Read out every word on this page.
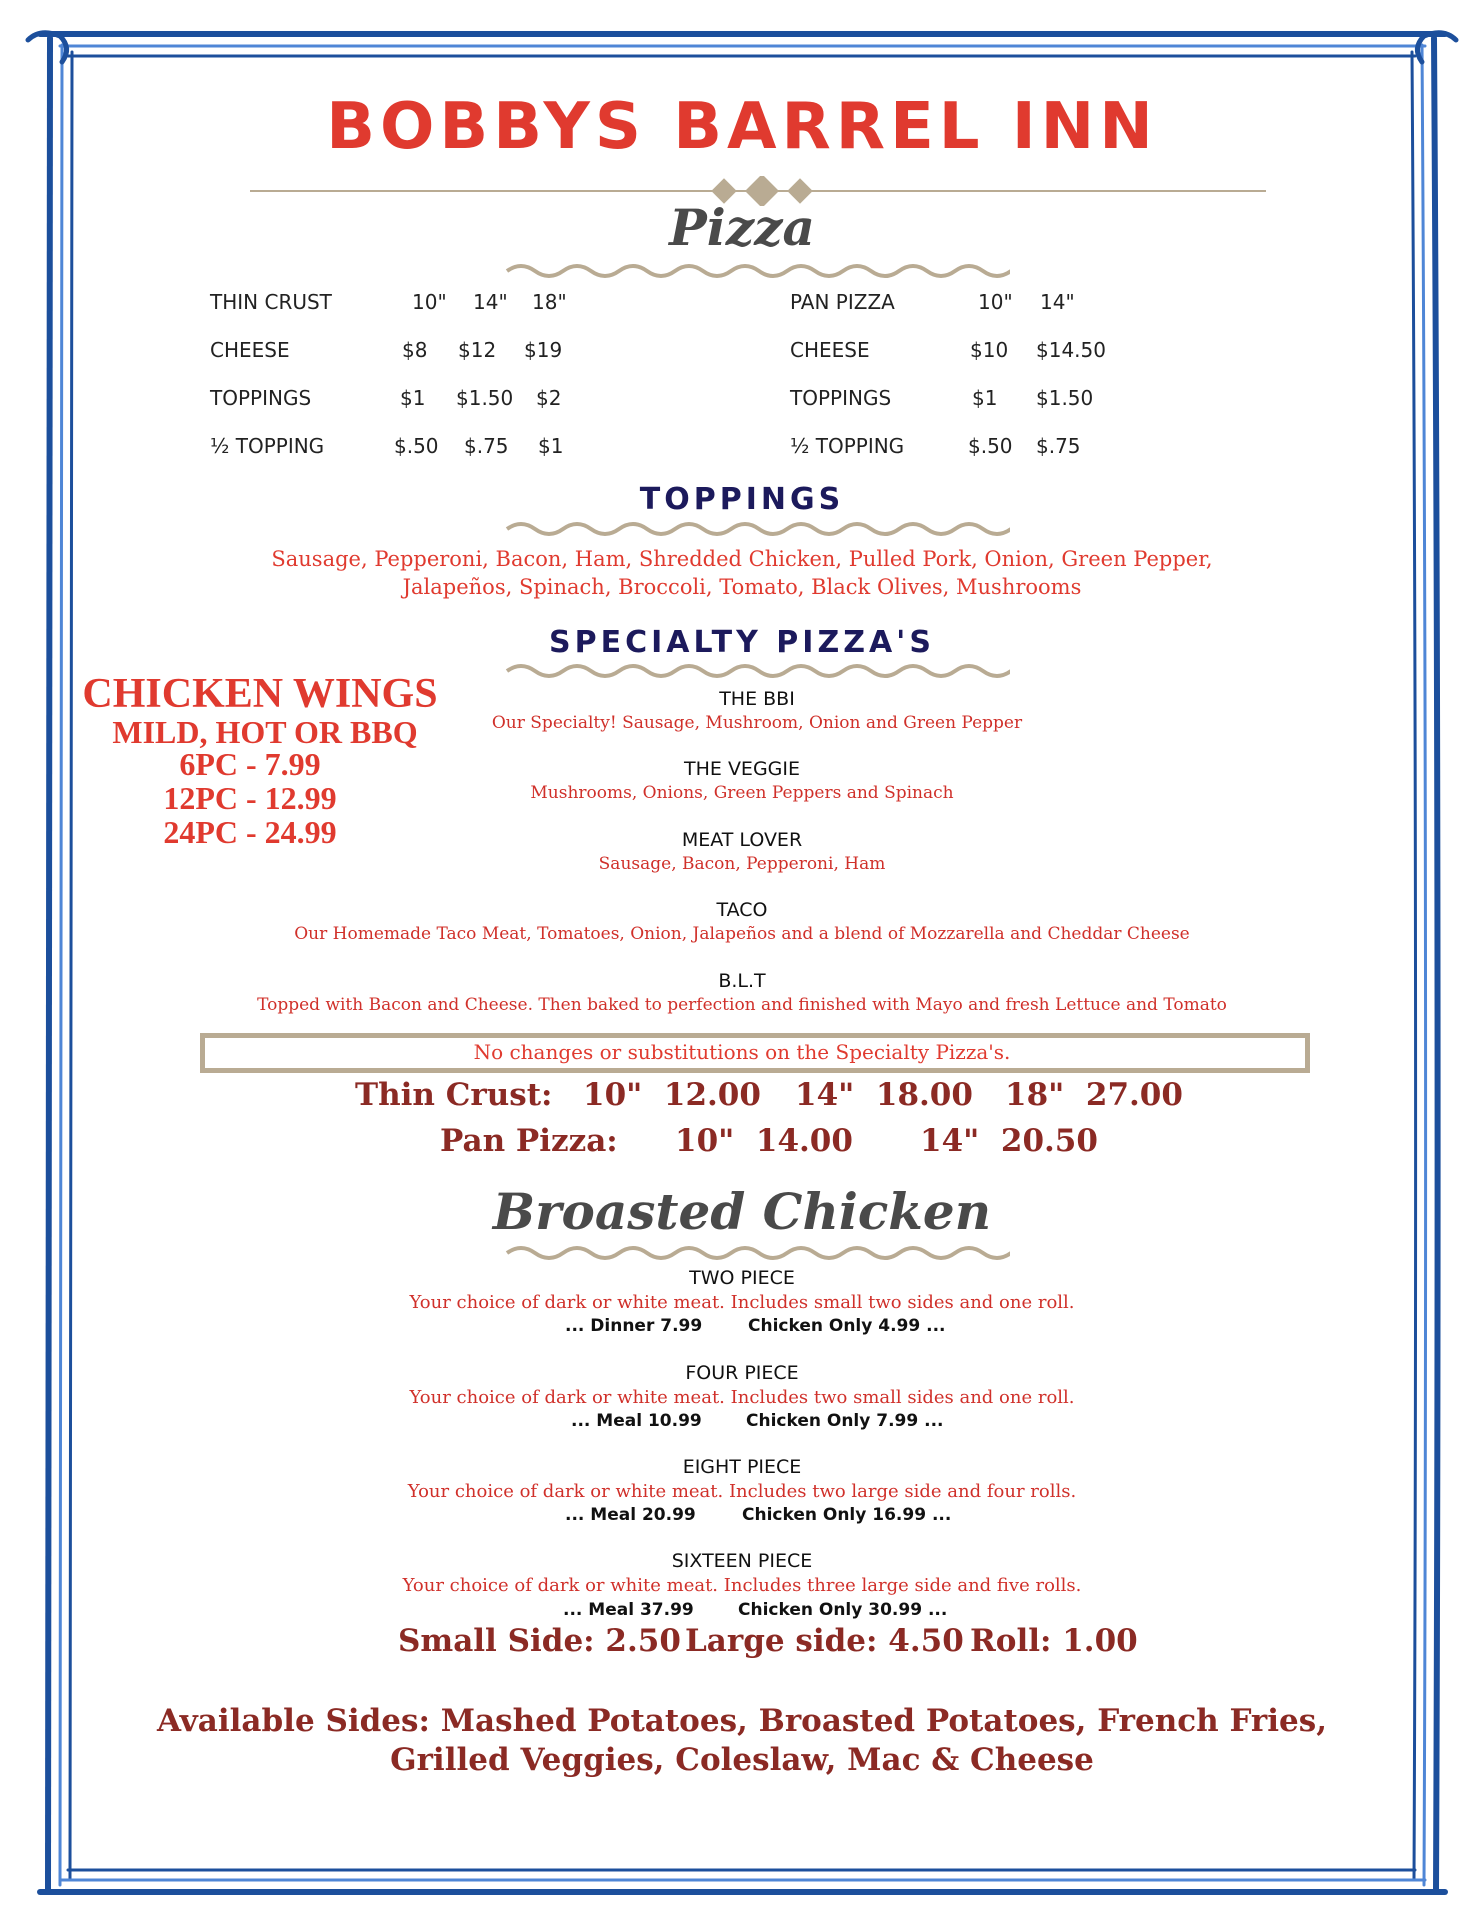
BOBBYS BARREL INN
Pizza
THIN CRUST	10" 14" 18"
CHEESE	$8 $12 $19
TOPPINGS	$1 $1.50 $2
½ TOPPING	$.50 $.75 $1
PAN PIZZA	10" 14"
CHEESE	$10 $14.50
TOPPINGS	$1 $1.50
½ TOPPING	$.50 $.75
TOPPINGS
Sausage, Pepperoni, Bacon, Ham, Shredded Chicken, Pulled Pork, Onion, Green Pepper,
Jalapeños, Spinach, Broccoli, Tomato, Black Olives, Mushrooms
CHICKEN WINGS
MILD, HOT OR BBQ
6PC - 7.99
12PC - 12.99
24PC - 24.99
SPECIALTY PIZZA'S
THE BBI
Our Specialty! Sausage, Mushroom, Onion and Green Pepper
THE VEGGIE
Mushrooms, Onions, Green Peppers and Spinach
MEAT LOVER
Sausage, Bacon, Pepperoni, Ham
TACO
Our Homemade Taco Meat, Tomatoes, Onion, Jalapeños and a blend of Mozzarella and Cheddar Cheese
B.L.T
Topped with Bacon and Cheese. Then baked to perfection and finished with Mayo and fresh Lettuce and Tomato
No changes or substitutions on the Specialty Pizza's.
Thin Crust: 10"  12.00 14"  18.00 18"  27.00
Pan Pizza: 10"  14.00 14"  20.50
Broasted Chicken
TWO PIECE
Your choice of dark or white meat. Includes small two sides and one roll.
... Dinner 7.99	Chicken Only 4.99 ...
FOUR PIECE
Your choice of dark or white meat. Includes two small sides and one roll.
... Meal 10.99	Chicken Only 7.99 ...
EIGHT PIECE
Your choice of dark or white meat. Includes two large side and four rolls.
... Meal 20.99	Chicken Only 16.99 ...
SIXTEEN PIECE
Your choice of dark or white meat. Includes three large side and five rolls.
... Meal 37.99	Chicken Only 30.99 ...
Small Side: 2.50 Large side: 4.50 Roll: 1.00
Available Sides: Mashed Potatoes, Broasted Potatoes, French Fries,
Grilled Veggies, Coleslaw, Mac & Cheese
